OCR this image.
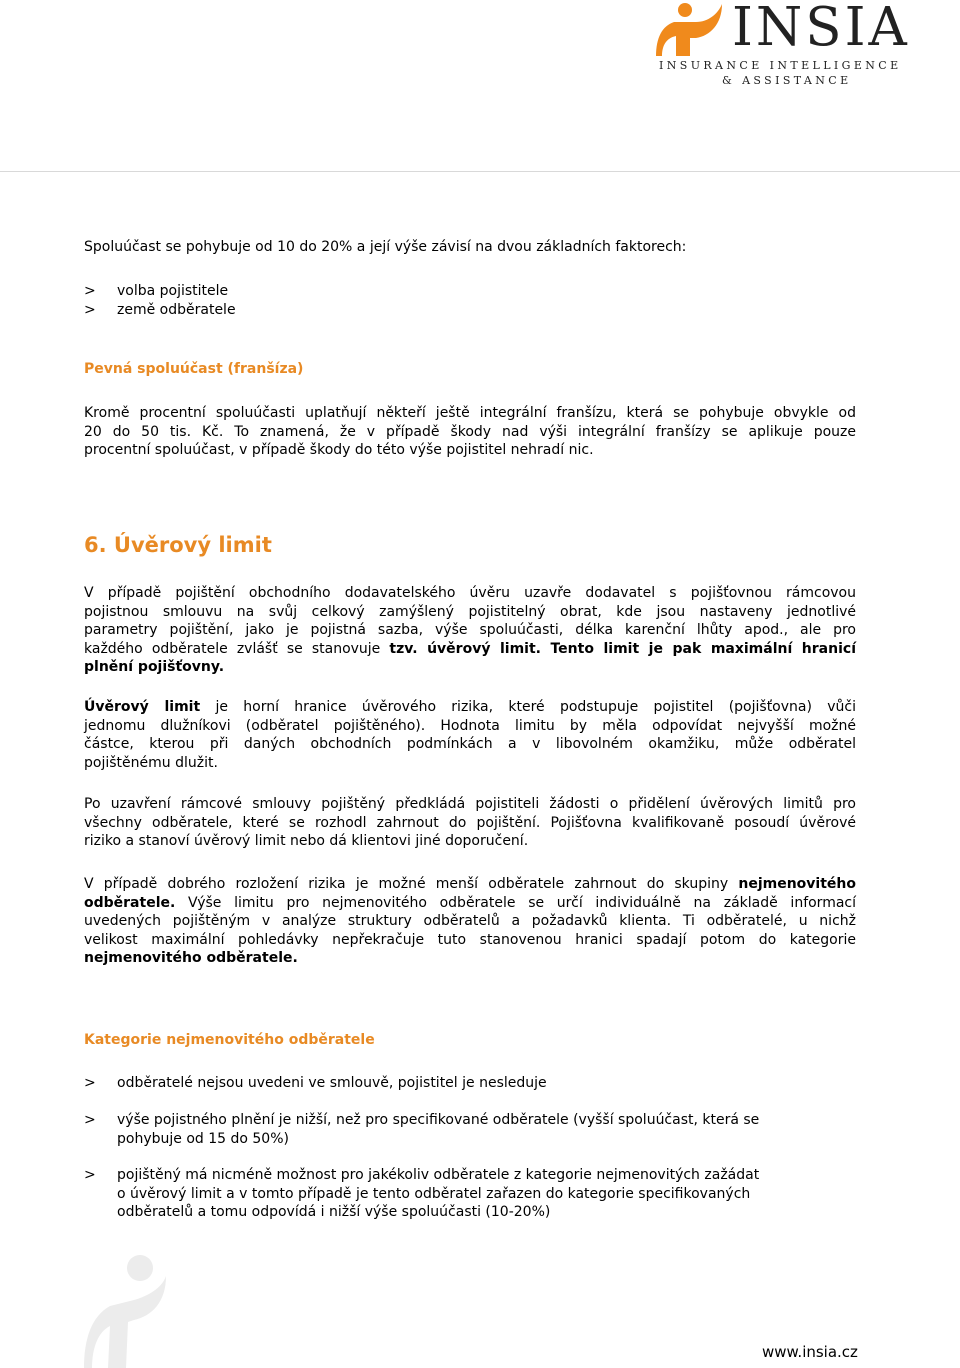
INSIA
INSURANCE INTELLIGENCE
& ASSISTANCE

Spoluúčast se pohybuje od 10 do 20% a její výše závisí na dvou základních faktorech:

> volba pojistitele
> země odběratele

Pevná spoluúčast (franšíza)

Kromě procentní spoluúčasti uplatňují někteří ještě integrální franšízu, která se pohybuje obvykle od

20 do 50 tis. Kč. To znamená, že v případě škody nad výši integrální franšízy se aplikuje pouze

procentní spoluúčast, v případě škody do této výše pojistitel nehradí nic.

6. Úvěrový limit

V případě pojištění obchodního dodavatelského úvěru uzavře dodavatel s pojišťovnou rámcovou

pojistnou smlouvu na svůj celkový zamýšlený pojistitelný obrat, kde jsou nastaveny jednotlivé

parametry pojištění, jako je pojistná sazba, výše spoluúčasti, délka karenční lhůty apod., ale pro

každého odběratele zvlášť se stanovuje tzv. úvěrový limit. Tento limit je pak maximální hranicí

plnění pojišťovny.

Úvěrový limit je horní hranice úvěrového rizika, které podstupuje pojistitel (pojišťovna) vůči

jednomu dlužníkovi (odběratel pojištěného). Hodnota limitu by měla odpovídat nejvyšší možné

částce, kterou při daných obchodních podmínkách a v libovolném okamžiku, může odběratel

pojištěnému dlužit.

Po uzavření rámcové smlouvy pojištěný předkládá pojistiteli žádosti o přidělení úvěrových limitů pro

všechny odběratele, které se rozhodl zahrnout do pojištění. Pojišťovna kvalifikovaně posoudí úvěrové

riziko a stanoví úvěrový limit nebo dá klientovi jiné doporučení.

V případě dobrého rozložení rizika je možné menší odběratele zahrnout do skupiny nejmenovitého

odběratele. Výše limitu pro nejmenovitého odběratele se určí individuálně na základě informací

uvedených pojištěným v analýze struktury odběratelů a požadavků klienta. Ti odběratelé, u nichž

velikost maximální pohledávky nepřekračuje tuto stanovenou hranici spadají potom do kategorie

nejmenovitého odběratele.

Kategorie nejmenovitého odběratele

> odběratelé nejsou uvedeni ve smlouvě, pojistitel je nesleduje
> výše pojistného plnění je nižší, než pro specifikované odběratele (vyšší spoluúčast, která se
pohybuje od 15 do 50%)
> pojištěný má nicméně možnost pro jakékoliv odběratele z kategorie nejmenovitých zažádat
o úvěrový limit a v tomto případě je tento odběratel zařazen do kategorie specifikovaných
odběratelů a tomu odpovídá i nižší výše spoluúčasti (10-20%)
www.insia.cz
